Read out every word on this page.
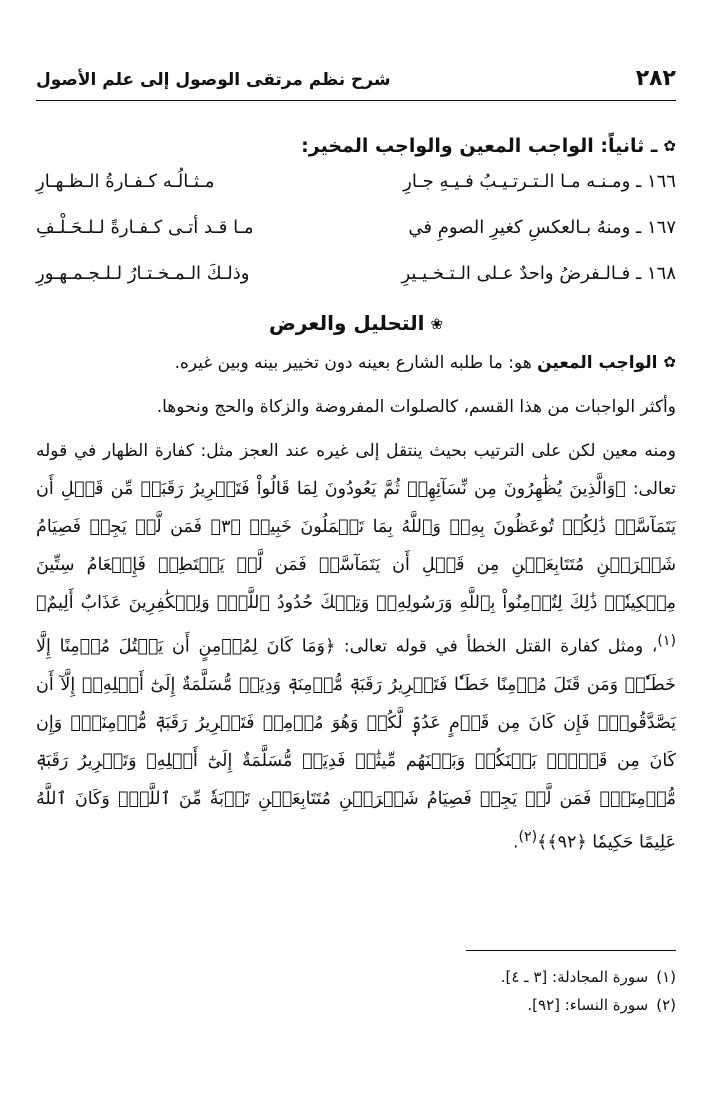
٢٨٢
شرح نظم مرتقى الوصول إلى علم الأصول
✿ـ ثانياً: الواجب المعين والواجب المخير:
١٦٦ ـ ومـنـه مـا الـتـرتـيـبُ فـيـهِ جـارِ
مـثـالُـه كـفـارةُ الـظـهـارِ
١٦٧ ـ ومنهُ بـالعكسِ كغيرِ الصومِ في
مـا قـد أتـى كـفـارةً لـلـحَـلْـفِ
١٦٨ ـ فـالـفرضُ واحدٌ عـلى الـتـخـيـيرِ
وذلـكَ الـمـخـتـارُ لـلـجـمـهـورِ
❀التحليل والعرض

✿الواجب المعين هو: ما طلبه الشارع بعينه دون تخيير بينه وبين غيره.

وأكثر الواجبات من هذا القسم، كالصلوات المفروضة والزكاة والحج ونحوها.

ومنه معين لكن على الترتيب بحيث ينتقل إلى غيره عند العجز مثل: كفارة الظهار في قوله تعالى: ﴿وَالَّذِينَ يُظَٰهِرُونَ مِن نِّسَآئِهِمۡ ثُمَّ يَعُودُونَ لِمَا قَالُواْ فَتَحۡرِيرُ رَقَبَةٖ مِّن قَبۡلِ أَن يَتَمَآسَّاۚ ذَٰلِكُمۡ تُوعَظُونَ بِهِۦۚ وَٱللَّهُ بِمَا تَعۡمَلُونَ خَبِيرٞ ﴿٣﴾ فَمَن لَّمۡ يَجِدۡ فَصِيَامُ شَهۡرَيۡنِ مُتَتَابِعَيۡنِ مِن قَبۡلِ أَن يَتَمَآسَّاۖ فَمَن لَّمۡ يَسۡتَطِعۡ فَإِطۡعَامُ سِتِّينَ مِسۡكِينٗاۚ ذَٰلِكَ لِتُؤۡمِنُواْ بِٱللَّهِ وَرَسُولِهِۦۚ وَتِلۡكَ حُدُودُ ٱللَّهِۗ وَلِلۡكَٰفِرِينَ عَذَابٌ أَلِيمٌ﴾$^{(١)}$، ومثل كفارة القتل الخطأ في قوله تعالى: ﴿وَمَا كَانَ لِمُؤۡمِنٍ أَن يَقۡتُلَ مُؤۡمِنًا إِلَّا خَطَـٔٗاۚ وَمَن قَتَلَ مُؤۡمِنًا خَطَـٔٗا فَتَحۡرِيرُ رَقَبَةٖ مُّؤۡمِنَةٖ وَدِيَةٞ مُّسَلَّمَةٌ إِلَىٰٓ أَهۡلِهِۦٓ إِلَّآ أَن يَصَّدَّقُواْۚ فَإِن كَانَ مِن قَوۡمٍ عَدُوّٖ لَّكُمۡ وَهُوَ مُؤۡمِنٞ فَتَحۡرِيرُ رَقَبَةٖ مُّؤۡمِنَةٖۖ وَإِن كَانَ مِن قَوۡمِۭ بَيۡنَكُمۡ وَبَيۡنَهُم مِّيثَٰقٞ فَدِيَةٞ مُّسَلَّمَةٌ إِلَىٰٓ أَهۡلِهِۦ وَتَحۡرِيرُ رَقَبَةٖ مُّؤۡمِنَةٖۖ فَمَن لَّمۡ يَجِدۡ فَصِيَامُ شَهۡرَيۡنِ مُتَتَابِعَيۡنِ تَوۡبَةٗ مِّنَ ٱللَّهِۗ وَكَانَ ٱللَّهُ عَلِيمًا حَكِيمٗا ﴿٩٢﴾﴾$^{(٢)}$.

(١)سورة المجادلة: [٣ ـ ٤].
(٢)سورة النساء: [٩٢].
